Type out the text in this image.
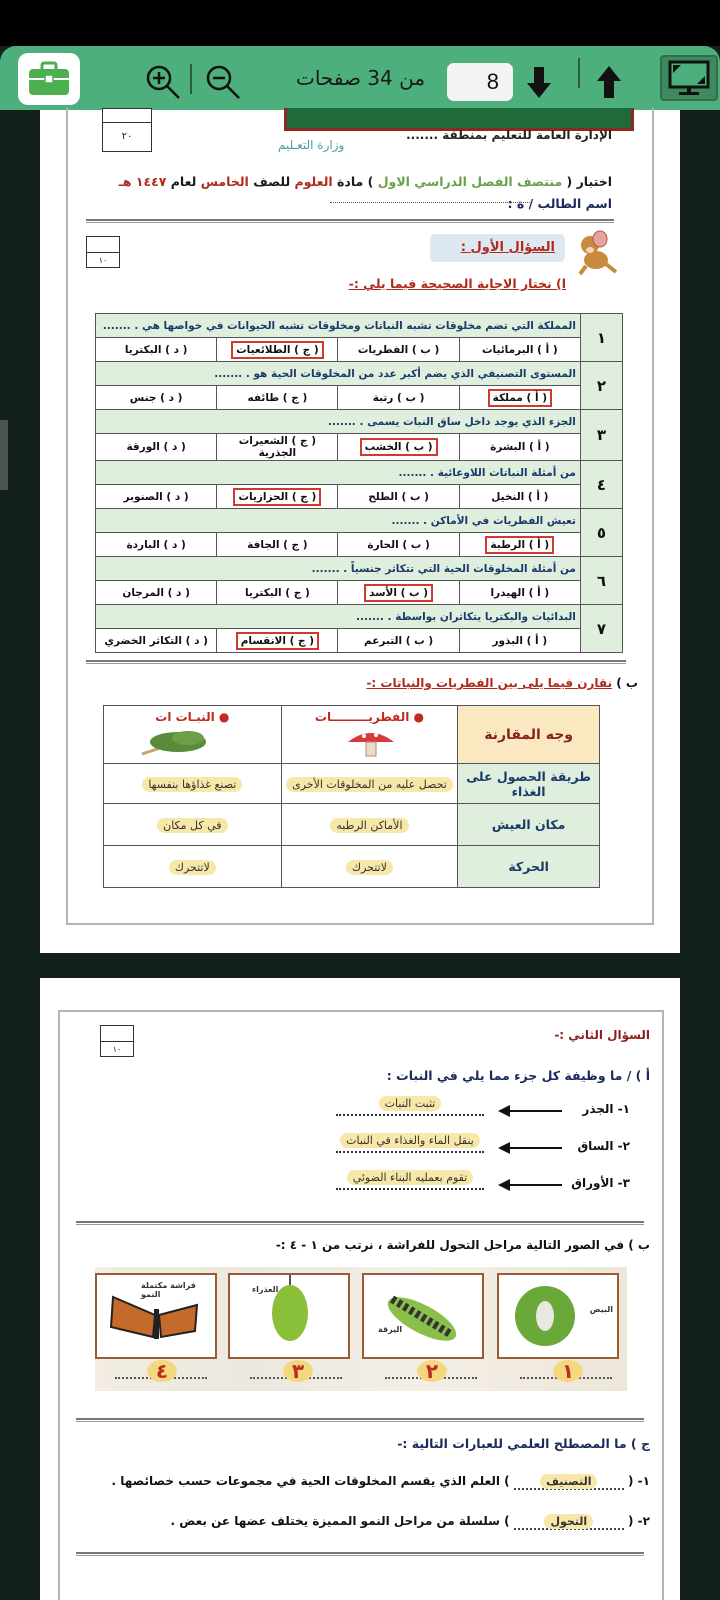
من 34 صفحات
8
٢٠
وزارة التعـليم
الإدارة العامة للتعليم بمنطقة .......
اختبار ( منتصف الفصل الدراسي الاول ) مادة العلوم للصف الخامس لعام ١٤٤٧ هـ
اسم الطالب / ة :
١٠
السؤال الأول :
ا) نختار الاجابة الصحيحة فيما يلي :-
١	المملكة التي تضم مخلوقات تشبه النباتات ومخلوقات تشبه الحيوانات في خواصها هي . .......			
	( أ ) البرمائيات	( ب ) الفطريات	( ج ) الطلائعيات	( د ) البكتريا
٢	المستوى التصنيفي الذي يضم أكبر عدد من المخلوقات الحية هو . .......			
	( أ ) مملكة	( ب ) رتبة	( ج ) طائفه	( د ) جنس
٣	الجزء الذي يوجد داخل ساق النبات يسمى . .......			
	( أ ) البشرة	( ب ) الخشب	( ج ) الشعيرات الجذرية	( د ) الورقة
٤	من أمثلة النباتات اللاوعائية . .......			
	( أ ) النخيل	( ب ) الطلح	( ج ) الحزازيات	( د ) الصنوبر
٥	تعيش الفطريات في الأماكن . .......			
	( أ ) الرطبة	( ب ) الحارة	( ج ) الجافة	( د ) الباردة
٦	من أمثلة المخلوقات الحية التي تتكاثر جنسياً . .......			
	( أ ) الهيدرا	( ب ) الأسد	( ج ) البكتريا	( د ) المرجان
٧	البدائيات والبكتريا يتكاثران بواسطة . .......			
	( أ ) البذور	( ب ) التبرعم	( ج ) الانقسام	( د ) التكاثر الخضري
ب ) نقارن فيما يلى بين الفطريات والنباتات :-
وجه المقارنة	● الفطريـــــــــات	● النبـات ات

طريقة الحصول على الغذاء	تحصل عليه من المخلوقات الأخرى	تصنع غذاؤها بنفسها
مكان العيش	الأماكن الرطبه	في كل مكان
الحركة	لاتتحرك	لاتتحرك
١٠
السؤال الثاني :-
أ ) / ما وظيفة كل جزء مما يلي في النبات :
١- الجذر
تثبت النبات
٢- الساق
ينقل الماء والغذاء في النبات
٣- الأوراق
تقوم بعمليه البناء الضوئي
ب ) في الصور التالية مراحل التحول للفراشة ، نرتب من ١ - ٤ :-
البيض
اليرقة
العذراء
فراشة مكتملة النمو
١
٢
٣
٤
ج ) ما المصطلح العلمي للعبارات التالية :-
١- ( التصنيف ) العلم الذي يقسم المخلوقات الحية في مجموعات حسب خصائصها .
٢- ( التحول ) سلسلة من مراحل النمو المميزة يختلف عضها عن بعض .
